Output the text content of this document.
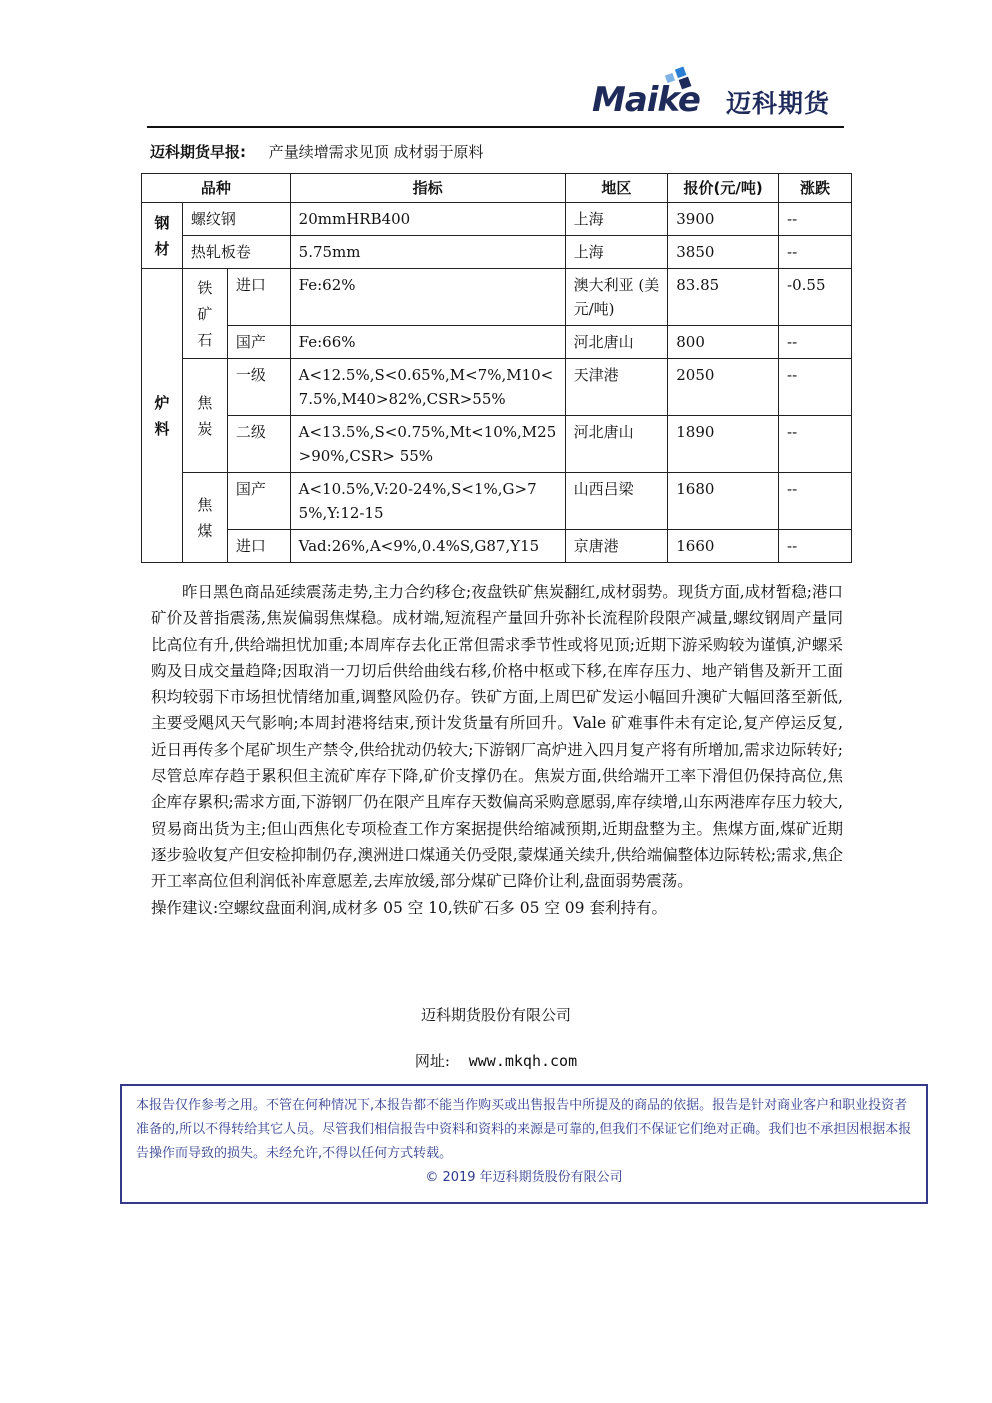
Maike 迈科期货
迈科期货早报: 产量续增需求见顶 成材弱于原料
品种			指标	地区	报价(元/吨)	涨跌

钢
材	螺纹钢		20mmHRB400	上海	3900	--
	热轧板卷		5.75mm	上海	3850	--

炉
料	铁
矿
石	进口	Fe:62%	澳大利亚 (美元/吨)	83.85	-0.55
		国产	Fe:66%	河北唐山	800	--

	焦
炭	一级	A<12.5%,S<0.65%,M<7%,M10<7.5%,M40>82%,CSR>55%	天津港	2050	--
		二级	A<13.5%,S<0.75%,Mt<10%,M25>90%,CSR> 55%	河北唐山	1890	--

	焦
煤	国产	A<10.5%,V:20-24%,S<1%,G>75%,Y:12-15	山西吕梁	1680	--
		进口	Vad:26%,A<9%,0.4%S,G87,Y15	京唐港	1660	--

昨日黑色商品延续震荡走势,主力合约移仓;夜盘铁矿焦炭翻红,成材弱势。现货方面,成材暂稳;港口矿价及普指震荡,焦炭偏弱焦煤稳。成材端,短流程产量回升弥补长流程阶段限产减量,螺纹钢周产量同比高位有升,供给端担忧加重;本周库存去化正常但需求季节性或将见顶;近期下游采购较为谨慎,沪螺采购及日成交量趋降;因取消一刀切后供给曲线右移,价格中枢或下移,在库存压力、地产销售及新开工面积均较弱下市场担忧情绪加重,调整风险仍存。铁矿方面,上周巴矿发运小幅回升澳矿大幅回落至新低,主要受飓风天气影响;本周封港将结束,预计发货量有所回升。Vale 矿难事件未有定论,复产停运反复,近日再传多个尾矿坝生产禁令,供给扰动仍较大;下游钢厂高炉进入四月复产将有所增加,需求边际转好;尽管总库存趋于累积但主流矿库存下降,矿价支撑仍在。焦炭方面,供给端开工率下滑但仍保持高位,焦企库存累积;需求方面,下游钢厂仍在限产且库存天数偏高采购意愿弱,库存续增,山东两港库存压力较大,贸易商出货为主;但山西焦化专项检查工作方案据提供给缩减预期,近期盘整为主。焦煤方面,煤矿近期逐步验收复产但安检抑制仍存,澳洲进口煤通关仍受限,蒙煤通关续升,供给端偏整体边际转松;需求,焦企开工率高位但利润低补库意愿差,去库放缓,部分煤矿已降价让利,盘面弱势震荡。

操作建议:空螺纹盘面利润,成材多 05 空 10,铁矿石多 05 空 09 套利持有。

迈科期货股份有限公司
网址: www.mkqh.com
本报告仅作参考之用。不管在何种情况下,本报告都不能当作购买或出售报告中所提及的商品的依据。报告是针对商业客户和职业投资者准备的,所以不得转给其它人员。尽管我们相信报告中资料和资料的来源是可靠的,但我们不保证它们绝对正确。我们也不承担因根据本报告操作而导致的损失。未经允许,不得以任何方式转载。
© 2019 年迈科期货股份有限公司
